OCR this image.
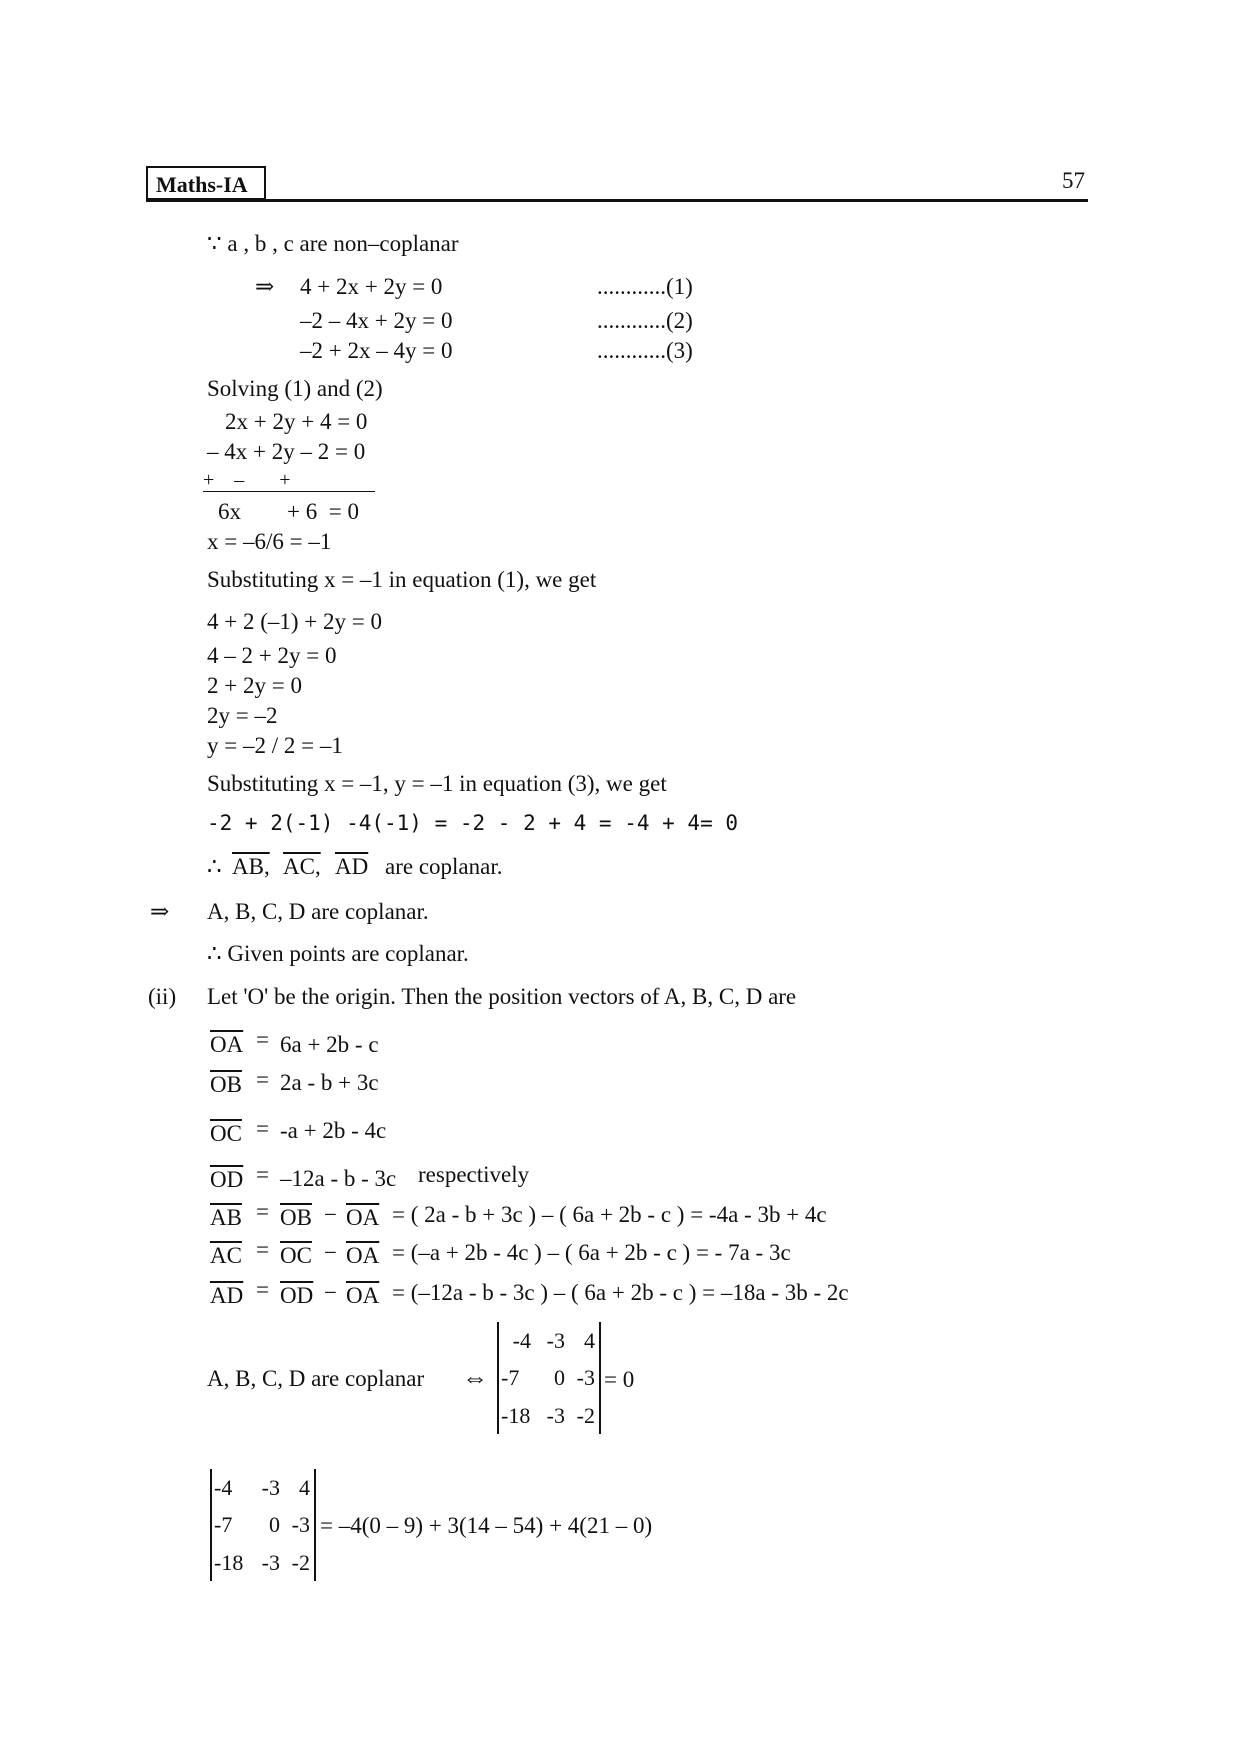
Maths-IA	57
∵ a , b , c are non–coplanar
⇒ 4 + 2x + 2y = 0	............(1)
–2 – 4x + 2y = 0	............(2)
–2 + 2x – 4y = 0	............(3)
Solving (1) and (2)
2x + 2y + 4 = 0
– 4x + 2y – 2 = 0
+    –       +
6x        + 6  = 0
x = –6/6 = –1
Substituting x = –1 in equation (1), we get
4 + 2 (–1) + 2y = 0
4 – 2 + 2y = 0
2 + 2y = 0
2y = –2
y = –2 / 2 = –1
Substituting x = –1, y = –1 in equation (3), we get
-2 + 2(-1) -4(-1) = -2 - 2 + 4 = -4 + 4= 0
∴ AB, AC, $\overline{AD}$ are coplanar.
⇒ A, B, C, D are coplanar.
∴ Given points are coplanar.
(ii) Let 'O' be the origin. Then the position vectors of A, B, C, D are
$\overline{OA} = 6a + 2b - c$
$\overline{OB} = 2a - b + 3c$
$\overline{OC} = -a + 2b - 4c$
$\overline{OD} = -12a - b - 3c$ respectively
$\overline{AB} = \overline{OB} - \overline{OA}$ = ( 2a - b + 3c ) – ( 6a + 2b - c ) = -4a - 3b + 4c
$\overline{AC} = \overline{OC} - \overline{OA} = (-a + 2b - 4c$ ) – ( 6a + 2b - c ) = - 7a - 3c
$\overline{AD} = \overline{OD} - \overline{OA} = (-12a - b - 3c$ ) – ( 6a + 2b - c ) = –18a - 3b - 2c
A, B, C, D are coplanar ⇔
-4 -3 4
-7	0 -3
-18 -3 -2
= 0
-4	-3 4
-7	0 -3
-18 -3 -2
= –4(0 – 9) + 3(14 – 54) + 4(21 – 0)
